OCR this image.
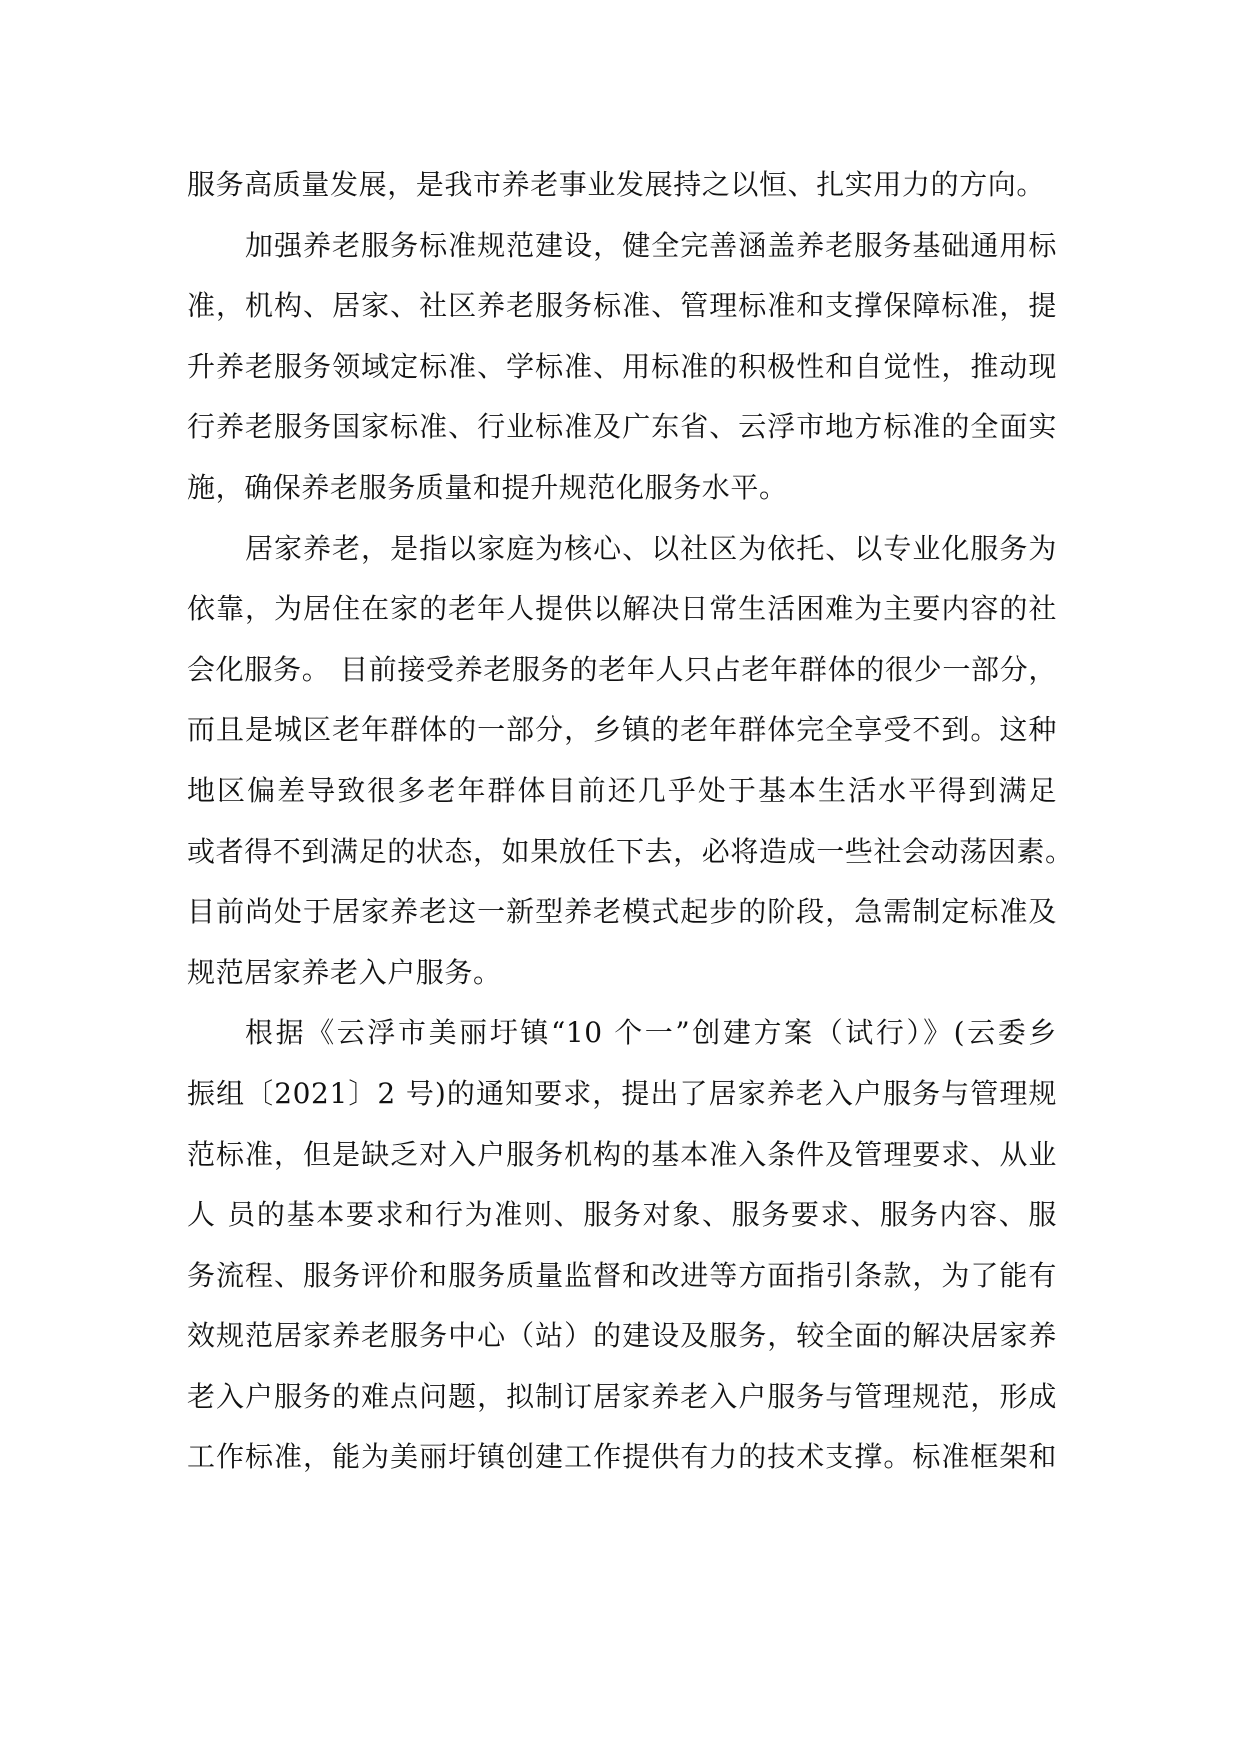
服务高质量发展，是我市养老事业发展持之以恒、扎实用力的方向。
加强养老服务标准规范建设，健全完善涵盖养老服务基础通用标
准，机构、居家、社区养老服务标准、管理标准和支撑保障标准，提
升养老服务领域定标准、学标准、用标准的积极性和自觉性，推动现
行养老服务国家标准、行业标准及广东省、云浮市地方标准的全面实
施，确保养老服务质量和提升规范化服务水平。
居家养老，是指以家庭为核心、以社区为依托、以专业化服务为
依靠，为居住在家的老年人提供以解决日常生活困难为主要内容的社
会化服务。 目前接受养老服务的老年人只占老年群体的很少一部分，
而且是城区老年群体的一部分，乡镇的老年群体完全享受不到。这种
地区偏差导致很多老年群体目前还几乎处于基本生活水平得到满足
或者得不到满足的状态，如果放任下去，必将造成一些社会动荡因素。
目前尚处于居家养老这一新型养老模式起步的阶段，急需制定标准及
规范居家养老入户服务。
根据《云浮市美丽圩镇“10 个一”创建方案（试行）》(云委乡
振组〔2021〕2 号)的通知要求，提出了居家养老入户服务与管理规
范标准，但是缺乏对入户服务机构的基本准入条件及管理要求、从业
人 员的基本要求和行为准则、服务对象、服务要求、服务内容、服
务流程、服务评价和服务质量监督和改进等方面指引条款，为了能有
效规范居家养老服务中心（站）的建设及服务，较全面的解决居家养
老入户服务的难点问题，拟制订居家养老入户服务与管理规范，形成
工作标准，能为美丽圩镇创建工作提供有力的技术支撑。标准框架和
